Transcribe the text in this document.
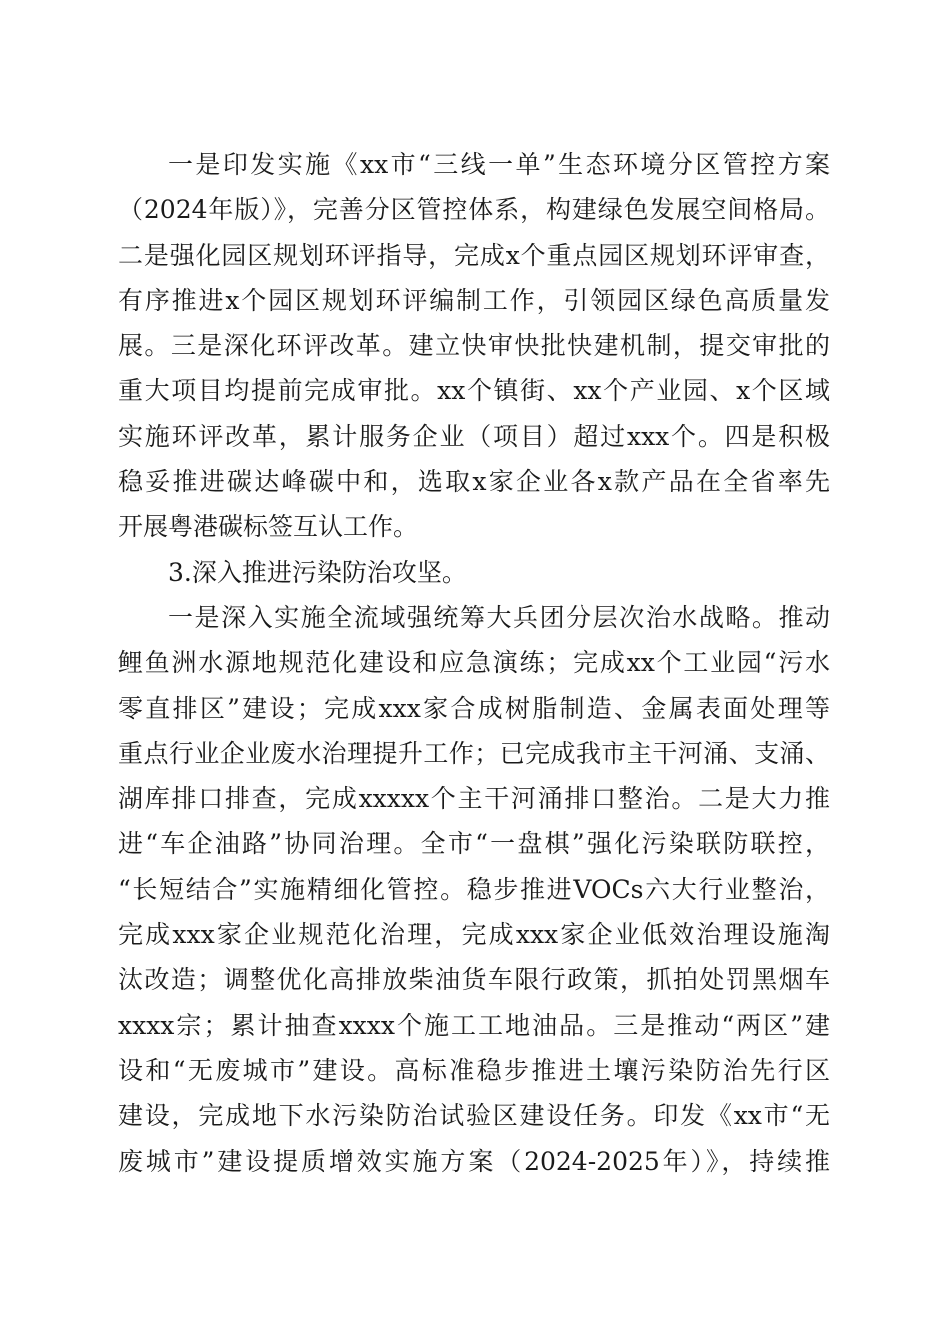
一是印发实施《xx市“三线一单”生态环境分区管控方案
（2024年版）》，完善分区管控体系，构建绿色发展空间格局。
二是强化园区规划环评指导，完成x个重点园区规划环评审查，
有序推进x个园区规划环评编制工作，引领园区绿色高质量发
展。三是深化环评改革。建立快审快批快建机制，提交审批的
重大项目均提前完成审批。xx个镇街、xx个产业园、x个区域
实施环评改革，累计服务企业（项目）超过xxx个。四是积极
稳妥推进碳达峰碳中和，选取x家企业各x款产品在全省率先
开展粤港碳标签互认工作。
3.深入推进污染防治攻坚。
一是深入实施全流域强统筹大兵团分层次治水战略。推动
鲤鱼洲水源地规范化建设和应急演练；完成xx个工业园“污水
零直排区”建设；完成xxx家合成树脂制造、金属表面处理等
重点行业企业废水治理提升工作；已完成我市主干河涌、支涌、
湖库排口排查，完成xxxxx个主干河涌排口整治。二是大力推
进“车企油路”协同治理。全市“一盘棋”强化污染联防联控，
“长短结合”实施精细化管控。稳步推进VOCs六大行业整治，
完成xxx家企业规范化治理，完成xxx家企业低效治理设施淘
汰改造；调整优化高排放柴油货车限行政策，抓拍处罚黑烟车
xxxx宗；累计抽查xxxx个施工工地油品。三是推动“两区”建
设和“无废城市”建设。高标准稳步推进土壤污染防治先行区
建设，完成地下水污染防治试验区建设任务。印发《xx市“无
废城市”建设提质增效实施方案（2024-2025年）》，持续推
